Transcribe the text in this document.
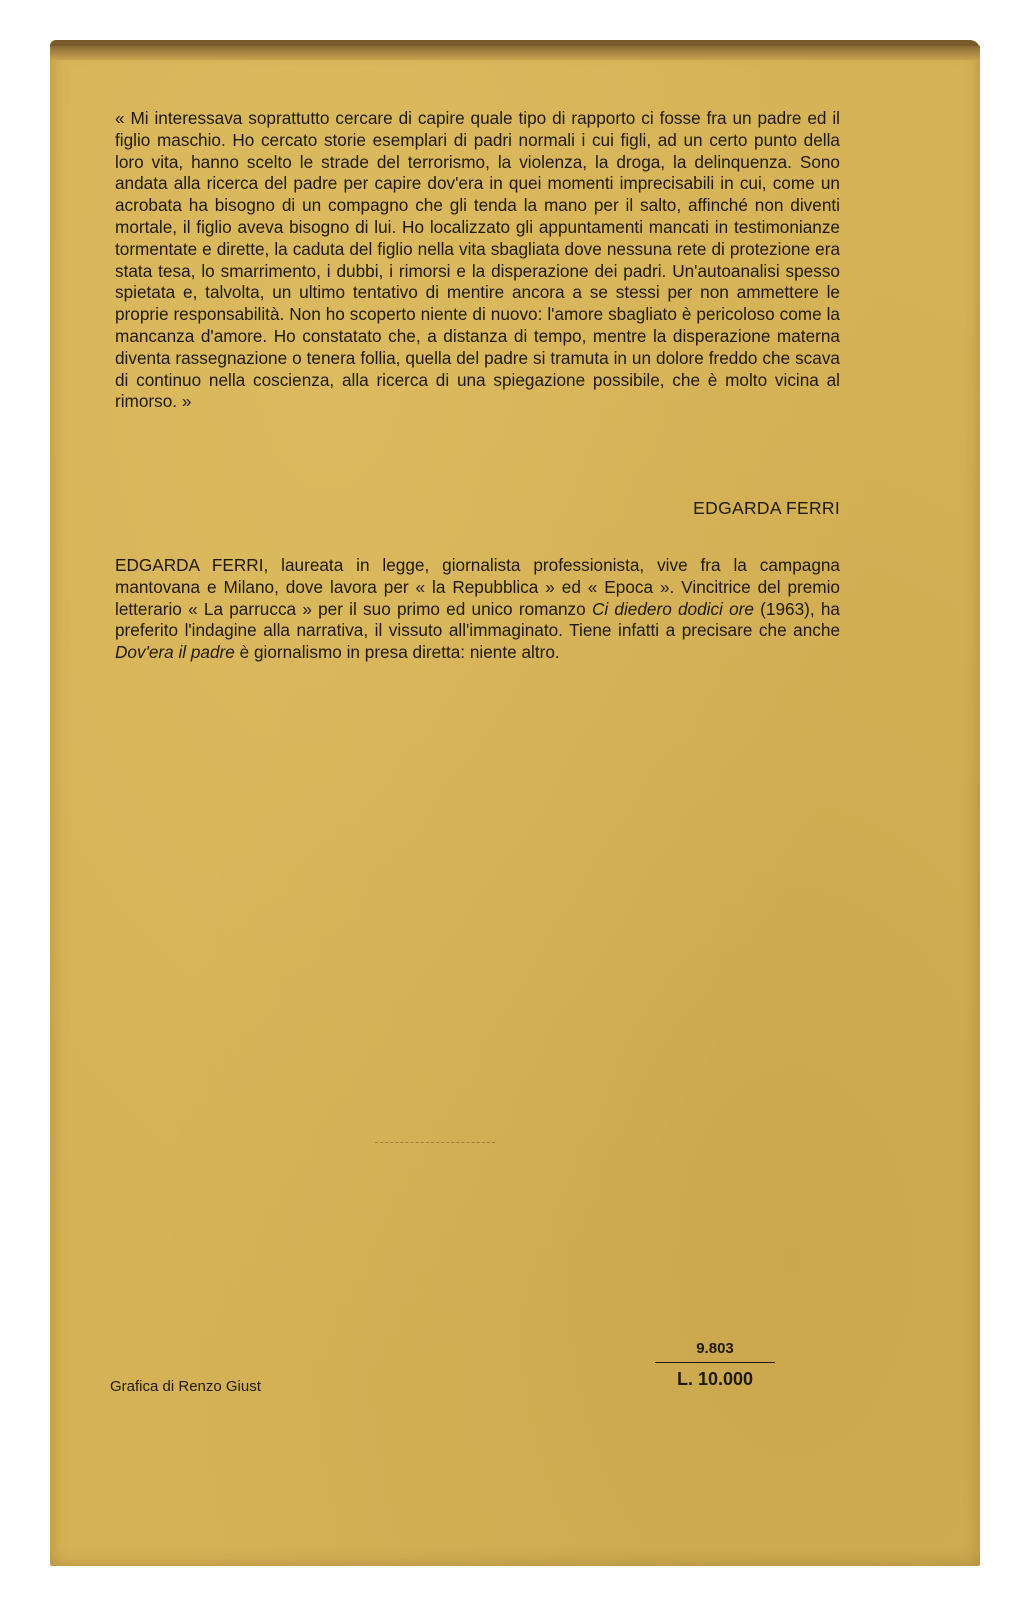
« Mi interessava soprattutto cercare di capire quale tipo di rapporto ci fosse fra un padre ed il figlio maschio. Ho cercato storie esemplari di padri normali i cui figli, ad un certo punto della loro vita, hanno scelto le strade del terrorismo, la violenza, la droga, la delinquenza. Sono andata alla ricerca del padre per capire dov'era in quei momenti imprecisabili in cui, come un acrobata ha bisogno di un compagno che gli tenda la mano per il salto, affinché non diventi mortale, il figlio aveva bisogno di lui. Ho localizzato gli appuntamenti mancati in testimonianze tormentate e dirette, la caduta del figlio nella vita sbagliata dove nessuna rete di protezione era stata tesa, lo smarrimento, i dubbi, i rimorsi e la disperazione dei padri. Un'autoanalisi spesso spietata e, talvolta, un ultimo tentativo di mentire ancora a se stessi per non ammettere le proprie responsabilità. Non ho scoperto niente di nuovo: l'amore sbagliato è pericoloso come la mancanza d'amore. Ho constatato che, a distanza di tempo, mentre la disperazione materna diventa rassegnazione o tenera follia, quella del padre si tramuta in un dolore freddo che scava di continuo nella coscienza, alla ricerca di una spiegazione possibile, che è molto vicina al rimorso. »

EDGARDA FERRI

EDGARDA FERRI, laureata in legge, giornalista professionista, vive fra la campagna mantovana e Milano, dove lavora per « la Repubblica » ed « Epoca ». Vincitrice del premio letterario « La parrucca » per il suo primo ed unico romanzo Ci diedero dodici ore (1963), ha preferito l'indagine alla narrativa, il vissuto all'immaginato. Tiene infatti a precisare che anche Dov'era il padre è giornalismo in presa diretta: niente altro.

Grafica di Renzo Giust
9.803
L. 10.000
